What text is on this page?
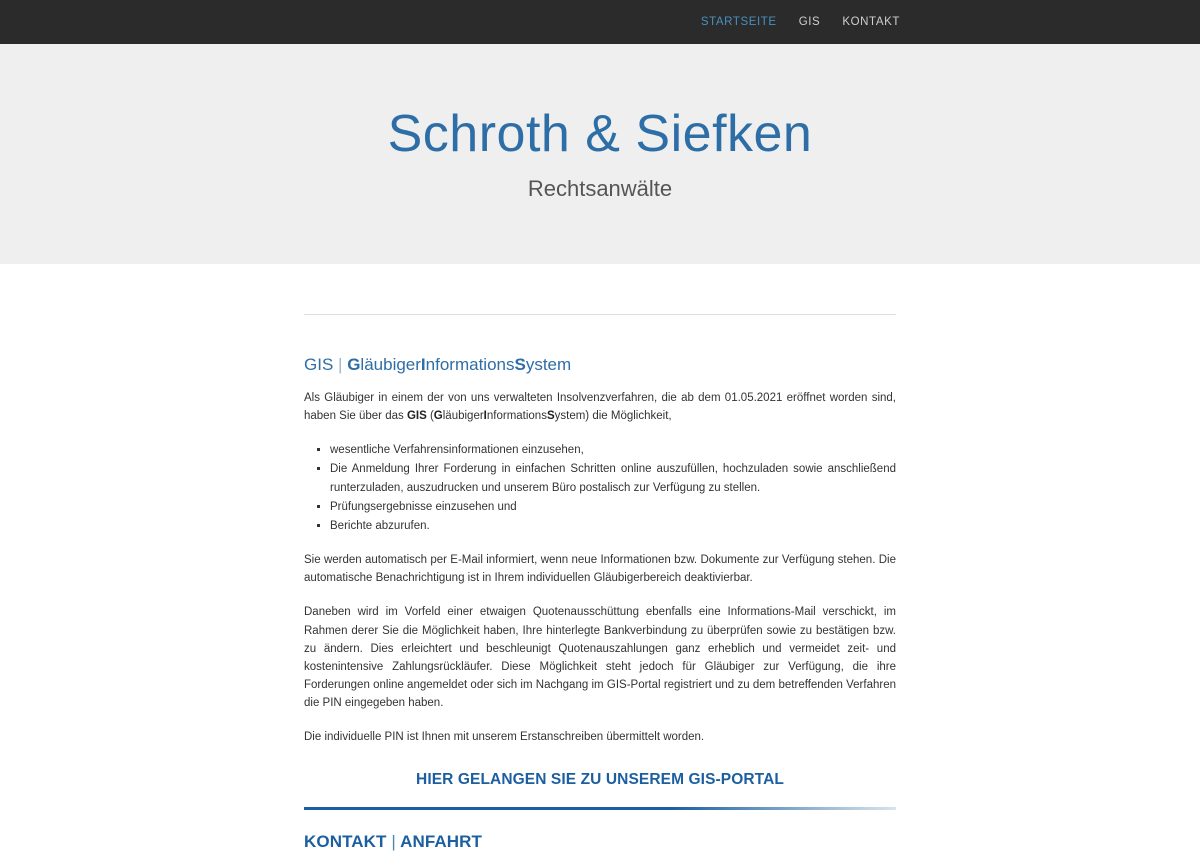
STARTSEITE GIS KONTAKT
Schroth & Siefken
Rechtsanwälte
GIS | GläubigerInformationsSystem

Als Gläubiger in einem der von uns verwalteten Insolvenzverfahren, die ab dem 01.05.2021 eröffnet worden sind, haben Sie über das GIS (GläubigerInformationsSystem) die Möglichkeit,

▪ wesentliche Verfahrensinformationen einzusehen,
▪ Die Anmeldung Ihrer Forderung in einfachen Schritten online auszufüllen, hochzuladen sowie anschließend runterzuladen, auszudrucken und unserem Büro postalisch zur Verfügung zu stellen.
▪ Prüfungsergebnisse einzusehen und
▪ Berichte abzurufen.

Sie werden automatisch per E-Mail informiert, wenn neue Informationen bzw. Dokumente zur Verfügung stehen. Die automatische Benachrichtigung ist in Ihrem individuellen Gläubigerbereich deaktivierbar.

Daneben wird im Vorfeld einer etwaigen Quotenausschüttung ebenfalls eine Informations-Mail verschickt, im Rahmen derer Sie die Möglichkeit haben, Ihre hinterlegte Bankverbindung zu überprüfen sowie zu bestätigen bzw. zu ändern. Dies erleichtert und beschleunigt Quotenauszahlungen ganz erheblich und vermeidet zeit- und kostenintensive Zahlungsrückläufer. Diese Möglichkeit steht jedoch für Gläubiger zur Verfügung, die ihre Forderungen online angemeldet oder sich im Nachgang im GIS-Portal registriert und zu dem betreffenden Verfahren die PIN eingegeben haben.

Die individuelle PIN ist Ihnen mit unserem Erstanschreiben übermittelt worden.

HIER GELANGEN SIE ZU UNSEREM GIS-PORTAL
KONTAKT | ANFAHRT
